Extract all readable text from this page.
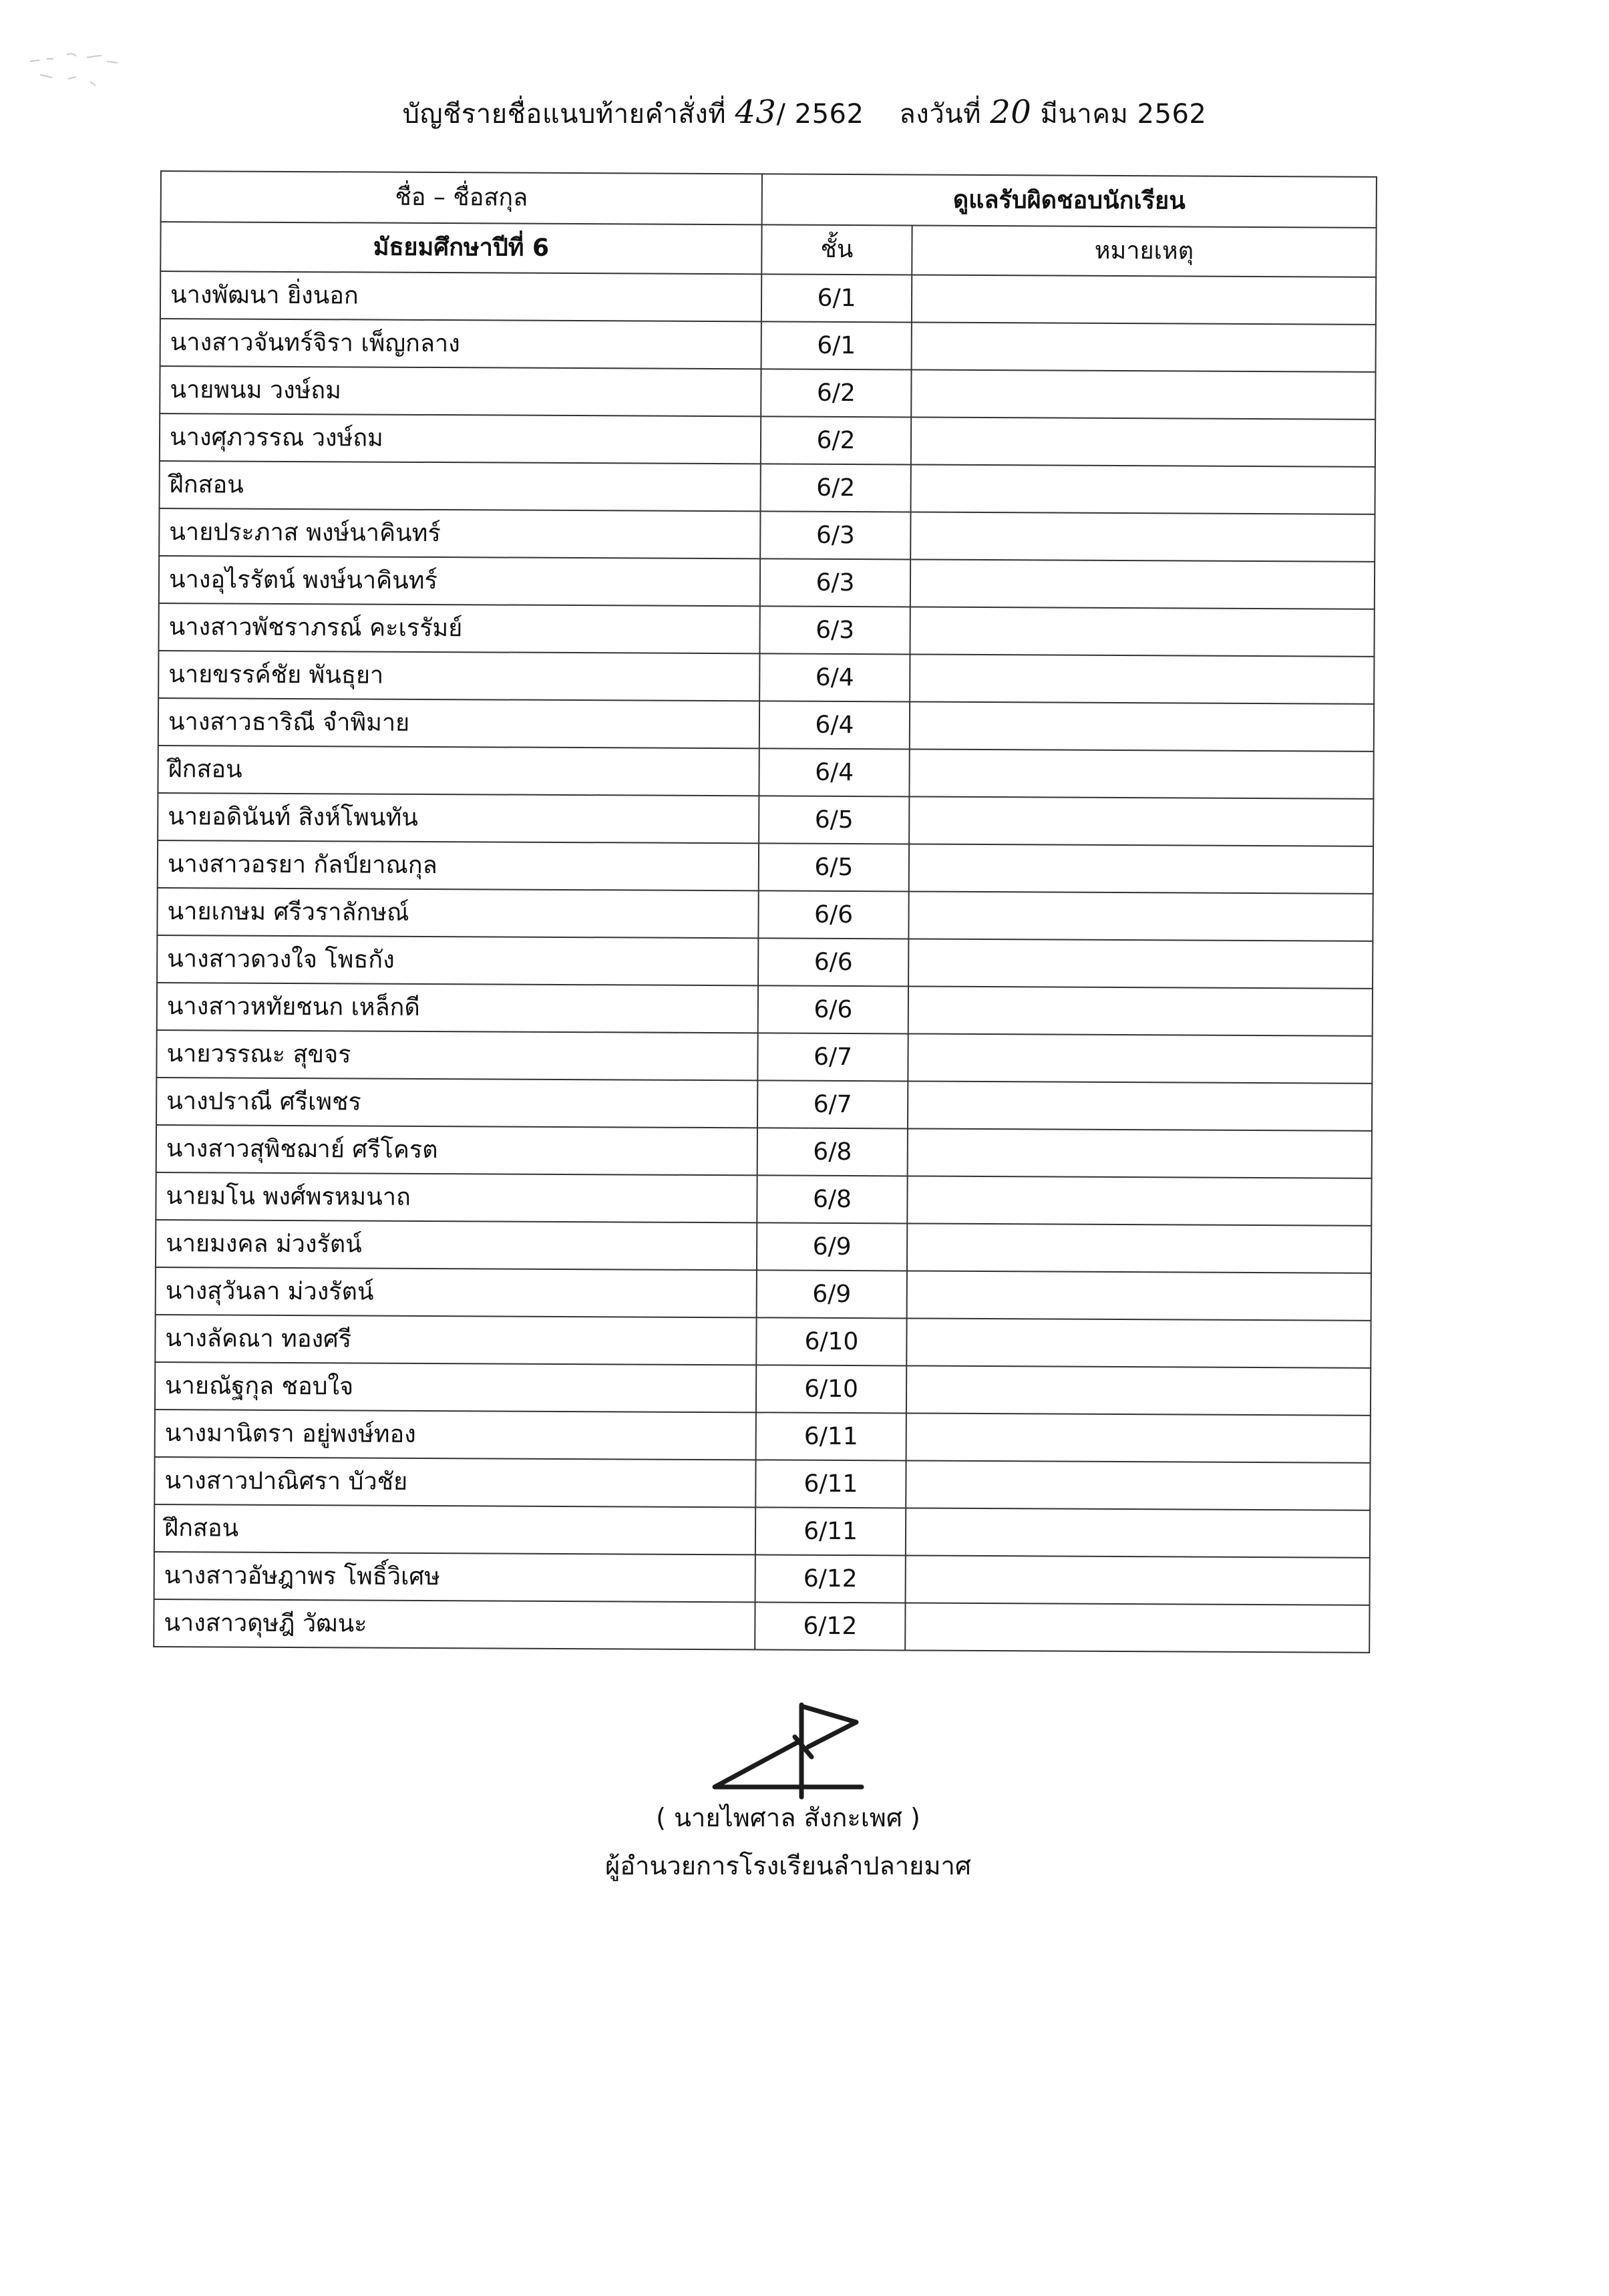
บัญชีรายชื่อแนบท้ายคำสั่งที่ 43/ 2562 ลงวันที่ 20 มีนาคม 2562
ชื่อ – ชื่อสกุล	ดูแลรับผิดชอบนักเรียน	
มัธยมศึกษาปีที่ 6	ชั้น	หมายเหตุ
นางพัฒนา ยิ่งนอก	6/1	
นางสาวจันทร์จิรา เพ็ญกลาง	6/1	
นายพนม วงษ์ถม	6/2	
นางศุภวรรณ วงษ์ถม	6/2	
ฝึกสอน	6/2	
นายประภาส พงษ์นาคินทร์	6/3	
นางอุไรรัตน์ พงษ์นาคินทร์	6/3	
นางสาวพัชราภรณ์ คะเรรัมย์	6/3	
นายขรรค์ชัย พันธุยา	6/4	
นางสาวธาริณี จำพิมาย	6/4	
ฝึกสอน	6/4	
นายอดินันท์ สิงห์โพนทัน	6/5	
นางสาวอรยา กัลป์ยาณกุล	6/5	
นายเกษม ศรีวราลักษณ์	6/6	
นางสาวดวงใจ โพธกัง	6/6	
นางสาวหทัยชนก เหล็กดี	6/6	
นายวรรณะ สุขจร	6/7	
นางปราณี ศรีเพชร	6/7	
นางสาวสุพิชฌาย์ ศรีโครต	6/8	
นายมโน พงศ์พรหมนาถ	6/8	
นายมงคล ม่วงรัตน์	6/9	
นางสุวันลา ม่วงรัตน์	6/9	
นางลัคณา ทองศรี	6/10	
นายณัฐกุล ชอบใจ	6/10	
นางมานิตรา อยู่พงษ์ทอง	6/11	
นางสาวปาณิศรา บัวชัย	6/11	
ฝึกสอน	6/11	
นางสาวอัษฎาพร โพธิ์วิเศษ	6/12	
นางสาวดุษฎี วัฒนะ	6/12	
( นายไพศาล สังกะเพศ )
ผู้อำนวยการโรงเรียนลำปลายมาศ
